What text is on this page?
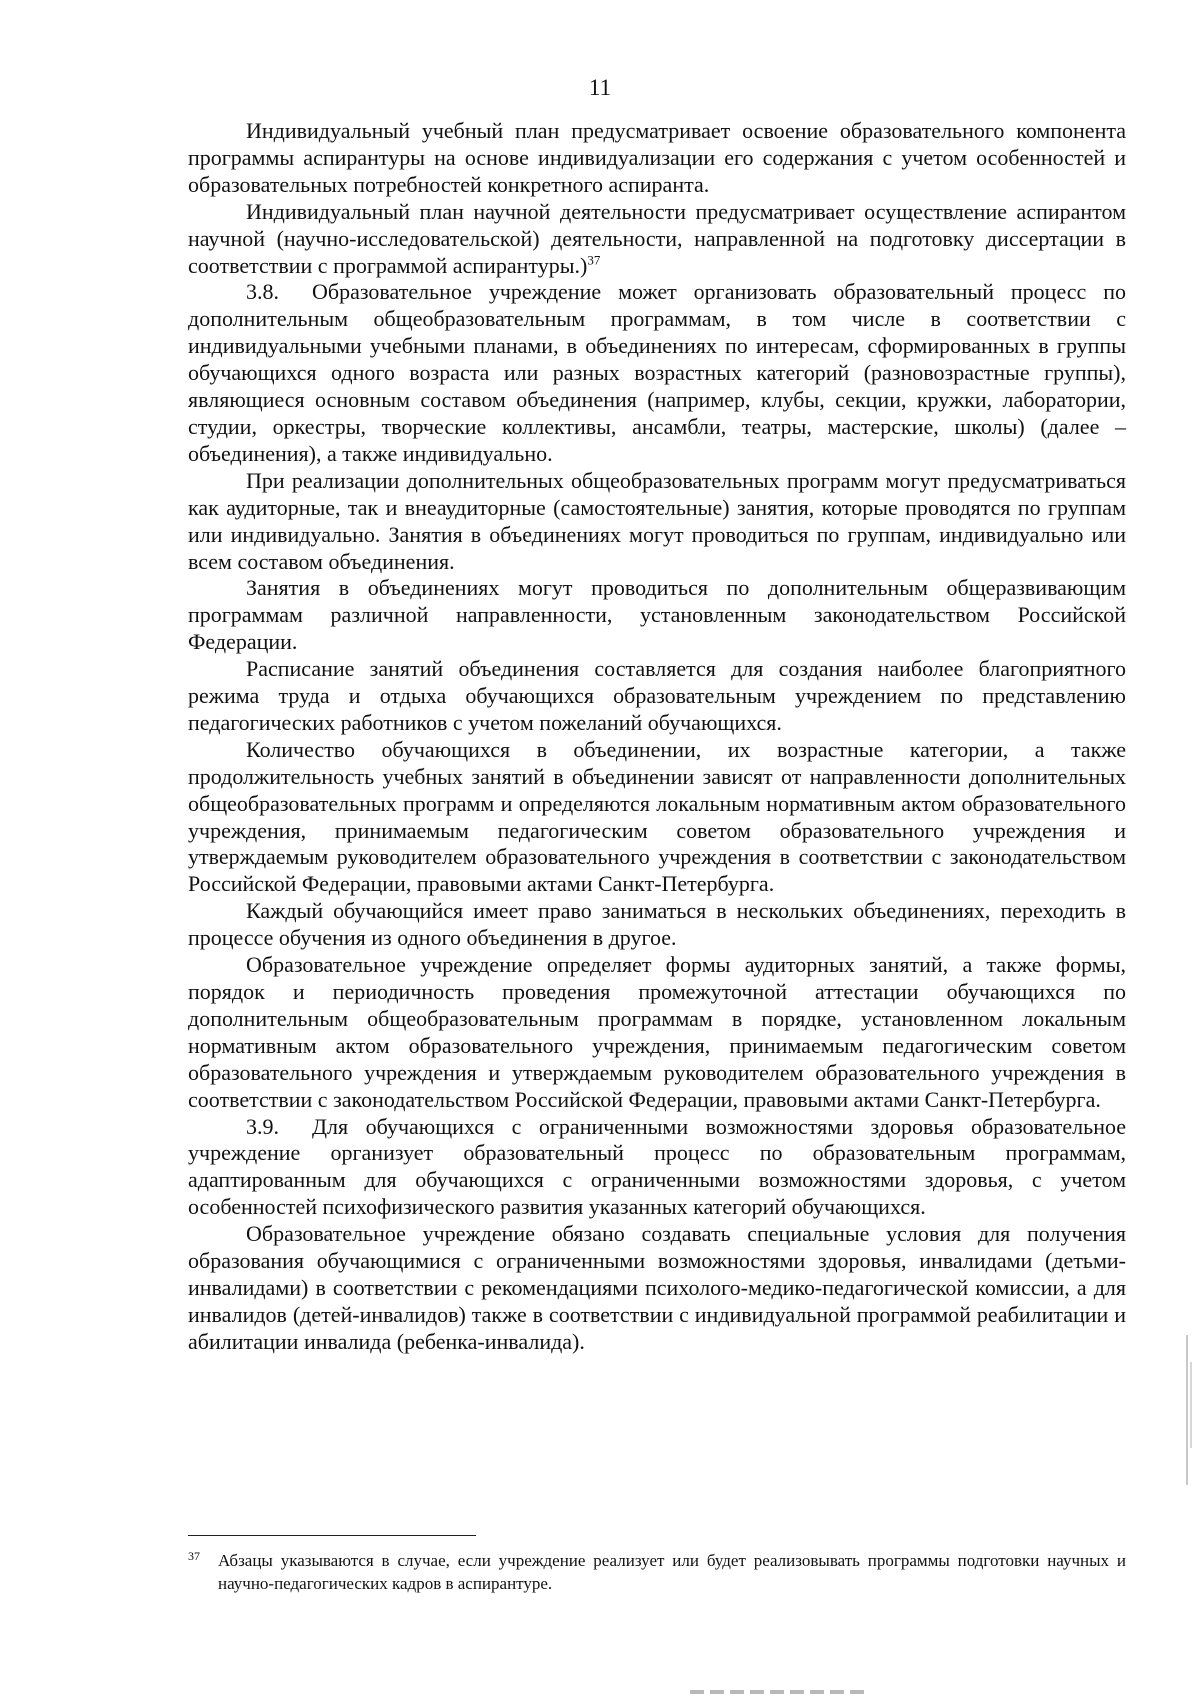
11

Индивидуальный учебный план предусматривает освоение образовательного компонента программы аспирантуры на основе индивидуализации его содержания с учетом особенностей и образовательных потребностей конкретного аспиранта.

Индивидуальный план научной деятельности предусматривает осуществление аспирантом научной (научно-исследовательской) деятельности, направленной на подготовку диссертации в соответствии с программой аспирантуры.)$^{37}$

3.8. Образовательное учреждение может организовать образовательный процесс по дополнительным общеобразовательным программам, в том числе в соответствии с индивидуальными учебными планами, в объединениях по интересам, сформированных в группы обучающихся одного возраста или разных возрастных категорий (разновозрастные группы), являющиеся основным составом объединения (например, клубы, секции, кружки, лаборатории, студии, оркестры, творческие коллективы, ансамбли, театры, мастерские, школы) (далее – объединения), а также индивидуально.

При реализации дополнительных общеобразовательных программ могут предусматриваться как аудиторные, так и внеаудиторные (самостоятельные) занятия, которые проводятся по группам или индивидуально. Занятия в объединениях могут проводиться по группам, индивидуально или всем составом объединения.

Занятия в объединениях могут проводиться по дополнительным общеразвивающим программам различной направленности, установленным законодательством Российской Федерации.

Расписание занятий объединения составляется для создания наиболее благоприятного режима труда и отдыха обучающихся образовательным учреждением по представлению педагогических работников с учетом пожеланий обучающихся.

Количество обучающихся в объединении, их возрастные категории, а также продолжительность учебных занятий в объединении зависят от направленности дополнительных общеобразовательных программ и определяются локальным нормативным актом образовательного учреждения, принимаемым педагогическим советом образовательного учреждения и утверждаемым руководителем образовательного учреждения в соответствии с законодательством Российской Федерации, правовыми актами Санкт-Петербурга.

Каждый обучающийся имеет право заниматься в нескольких объединениях, переходить в процессе обучения из одного объединения в другое.

Образовательное учреждение определяет формы аудиторных занятий, а также формы, порядок и периодичность проведения промежуточной аттестации обучающихся по дополнительным общеобразовательным программам в порядке, установленном локальным нормативным актом образовательного учреждения, принимаемым педагогическим советом образовательного учреждения и утверждаемым руководителем образовательного учреждения в соответствии с законодательством Российской Федерации, правовыми актами Санкт-Петербурга.

3.9. Для обучающихся с ограниченными возможностями здоровья образовательное учреждение организует образовательный процесс по образовательным программам, адаптированным для обучающихся с ограниченными возможностями здоровья, с учетом особенностей психофизического развития указанных категорий обучающихся.

Образовательное учреждение обязано создавать специальные условия для получения образования обучающимися с ограниченными возможностями здоровья, инвалидами (детьми-инвалидами) в соответствии с рекомендациями психолого-медико-педагогической комиссии, а для инвалидов (детей-инвалидов) также в соответствии с индивидуальной программой реабилитации и абилитации инвалида (ребенка-инвалида).

37	Абзацы указываются в случае, если учреждение реализует или будет реализовывать программы подготовки научных и научно-педагогических кадров в аспирантуре.
